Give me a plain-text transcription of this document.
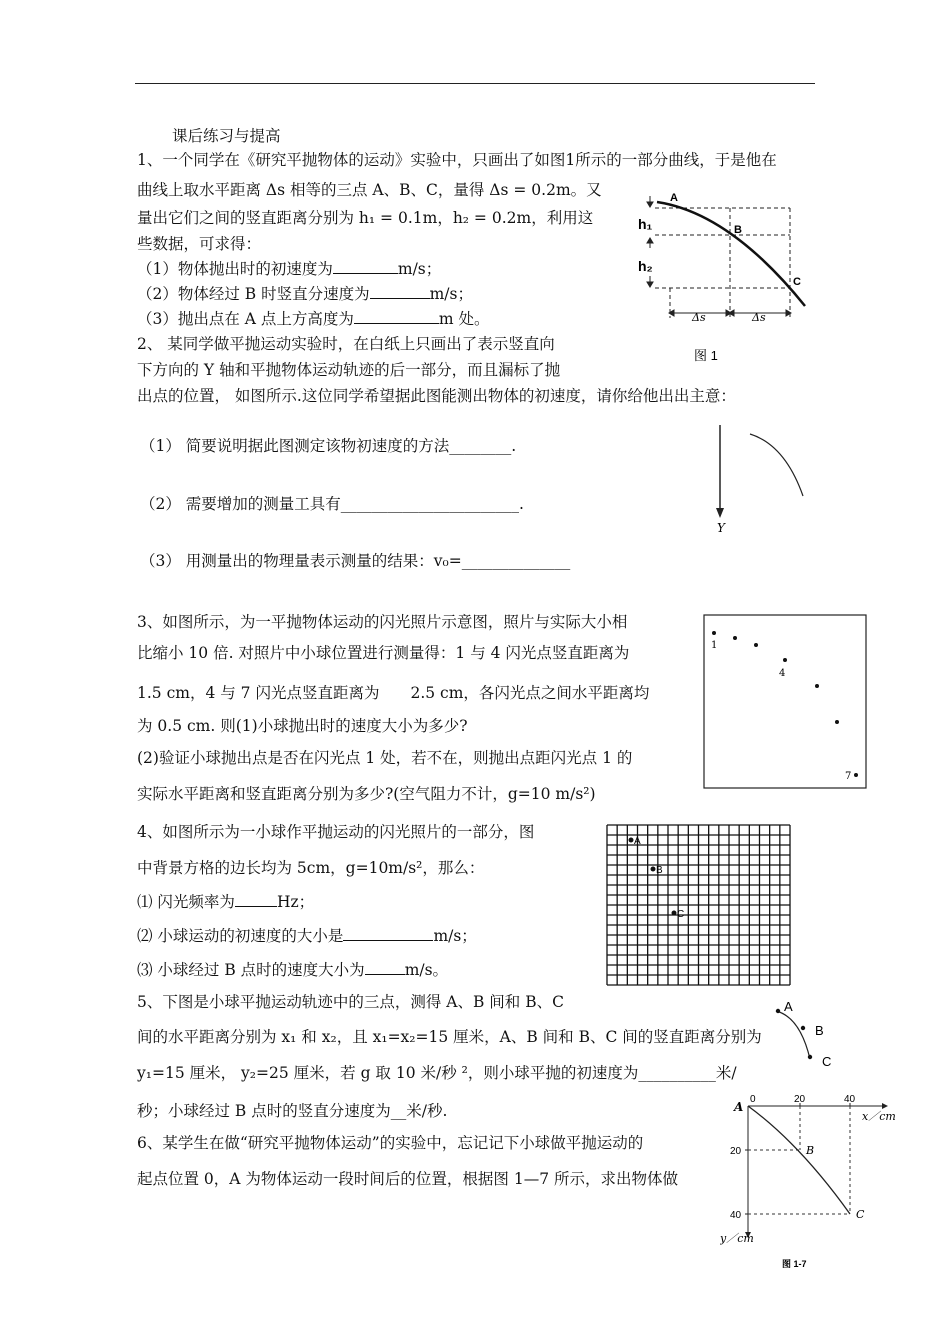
课后练习与提高
1、一个同学在《研究平抛物体的运动》实验中，只画出了如图1所示的一部分曲线，于是他在
曲线上取水平距离 Δs 相等的三点 A、B、C，量得 Δs = 0.2m。又
量出它们之间的竖直距离分别为 h₁ = 0.1m，h₂ = 0.2m，利用这
些数据，可求得：
（1）物体抛出时的初速度为	m/s；
（2）物体经过 B 时竖直分速度为	m/s；
（3）抛出点在 A 点上方高度为	m 处。
A
B
C
h₁
h₂
Δs	Δs
图 1
2、 某同学做平抛运动实验时，在白纸上只画出了表示竖直向
下方向的 Y 轴和平抛物体运动轨迹的后一部分，而且漏标了抛
出点的位置， 如图所示.这位同学希望据此图能测出物体的初速度，请你给他出出主意：
（1） 简要说明据此图测定该物初速度的方法________.
（2） 需要增加的测量工具有_______________________.
（3） 用测量出的物理量表示测量的结果：v₀=______________
Y
3、如图所示，为一平抛物体运动的闪光照片示意图，照片与实际大小相
比缩小 10 倍. 对照片中小球位置进行测量得：1 与 4 闪光点竖直距离为
1.5 cm，4 与 7 闪光点竖直距离为　　2.5 cm，各闪光点之间水平距离均
为 0.5 cm. 则(1)小球抛出时的速度大小为多少?
(2)验证小球抛出点是否在闪光点 1 处，若不在，则抛出点距闪光点 1 的
实际水平距离和竖直距离分别为多少?(空气阻力不计，g=10 m/s²)
1
4
7
4、如图所示为一小球作平抛运动的闪光照片的一部分，图
中背景方格的边长均为 5cm，g=10m/s²，那么：
⑴ 闪光频率为	Hz；
⑵ 小球运动的初速度的大小是	m/s；
⑶ 小球经过 B 点时的速度大小为	m/s。
A
B
C
5、下图是小球平抛运动轨迹中的三点，测得 A、B 间和 B、C
间的水平距离分别为 x₁ 和 x₂，且 x₁=x₂=15 厘米，A、B 间和 B、C 间的竖直距离分别为
y₁=15 厘米， y₂=25 厘米，若 g 取 10 米/秒 ²，则小球平抛的初速度为__________米/
秒；小球经过 B 点时的竖直分速度为__米/秒.
A
B
C
6、某学生在做“研究平抛物体运动”的实验中，忘记记下小球做平抛运动的
起点位置 0，A 为物体运动一段时间后的位置，根据图 1—7 所示，求出物体做
A
0	20	40
x／cm
20
40
y／cm
B
C
图 1-7
